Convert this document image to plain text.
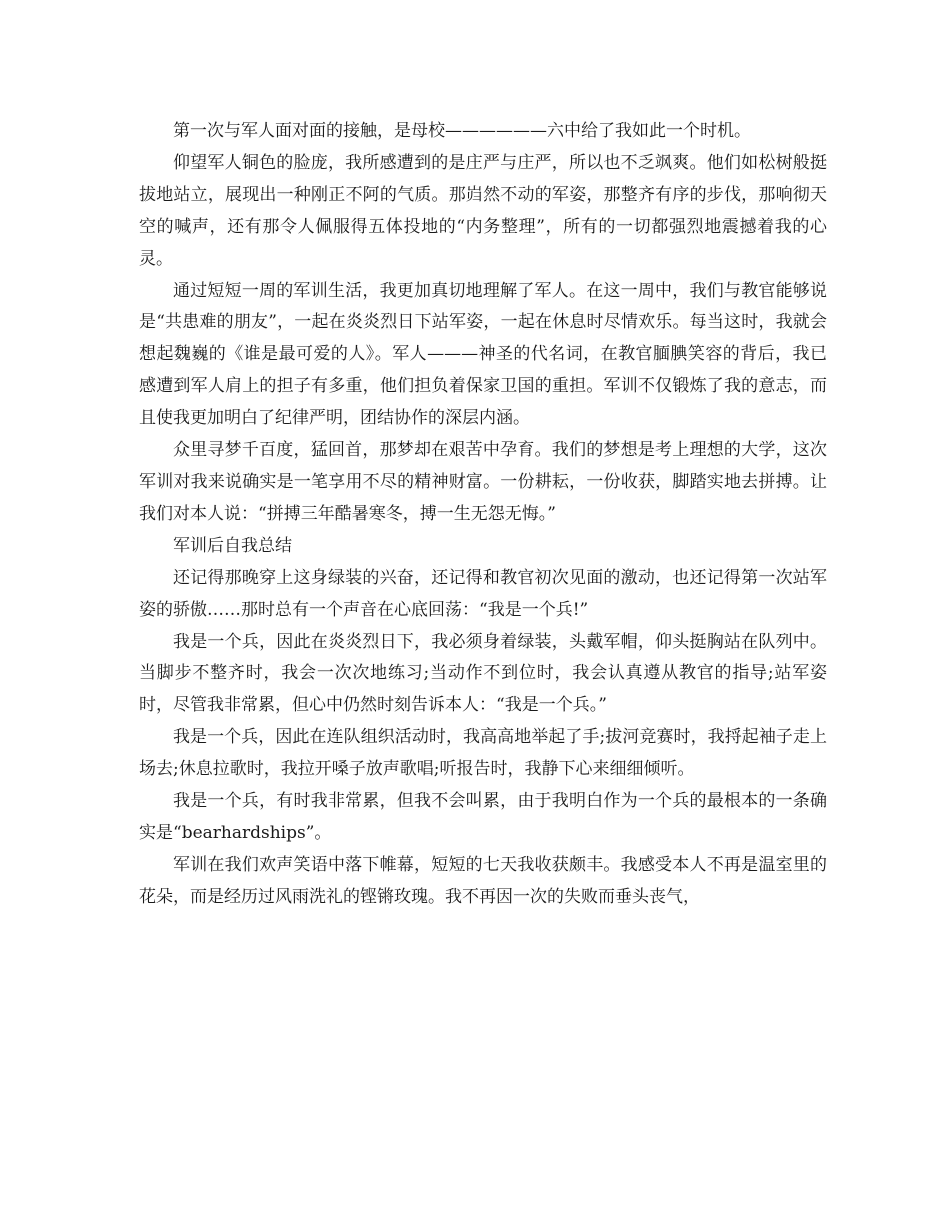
第一次与军人面对面的接触，是母校——————六中给了我如此一个时机。

仰望军人铜色的脸庞，我所感遭到的是庄严与庄严，所以也不乏飒爽。他们如松树般挺拔地站立，展现出一种刚正不阿的气质。那岿然不动的军姿，那整齐有序的步伐，那响彻天空的喊声，还有那令人佩服得五体投地的“内务整理”，所有的一切都强烈地震撼着我的心灵。

通过短短一周的军训生活，我更加真切地理解了军人。在这一周中，我们与教官能够说是“共患难的朋友”，一起在炎炎烈日下站军姿，一起在休息时尽情欢乐。每当这时，我就会想起魏巍的《谁是最可爱的人》。军人———神圣的代名词，在教官腼腆笑容的背后，我已感遭到军人肩上的担子有多重，他们担负着保家卫国的重担。军训不仅锻炼了我的意志，而且使我更加明白了纪律严明，团结协作的深层内涵。

众里寻梦千百度，猛回首，那梦却在艰苦中孕育。我们的梦想是考上理想的大学，这次军训对我来说确实是一笔享用不尽的精神财富。一份耕耘，一份收获，脚踏实地去拼搏。让我们对本人说：“拼搏三年酷暑寒冬，搏一生无怨无悔。”

军训后自我总结

还记得那晚穿上这身绿装的兴奋，还记得和教官初次见面的激动，也还记得第一次站军姿的骄傲……那时总有一个声音在心底回荡：“我是一个兵!”

我是一个兵，因此在炎炎烈日下，我必须身着绿装，头戴军帽，仰头挺胸站在队列中。当脚步不整齐时，我会一次次地练习;当动作不到位时，我会认真遵从教官的指导;站军姿时，尽管我非常累，但心中仍然时刻告诉本人：“我是一个兵。”

我是一个兵，因此在连队组织活动时，我高高地举起了手;拔河竞赛时，我捋起袖子走上场去;休息拉歌时，我拉开嗓子放声歌唱;听报告时，我静下心来细细倾听。

我是一个兵，有时我非常累，但我不会叫累，由于我明白作为一个兵的最根本的一条确实是“bearhardships”。

军训在我们欢声笑语中落下帷幕，短短的七天我收获颇丰。我感受本人不再是温室里的花朵，而是经历过风雨洗礼的铿锵玫瑰。我不再因一次的失败而垂头丧气，
